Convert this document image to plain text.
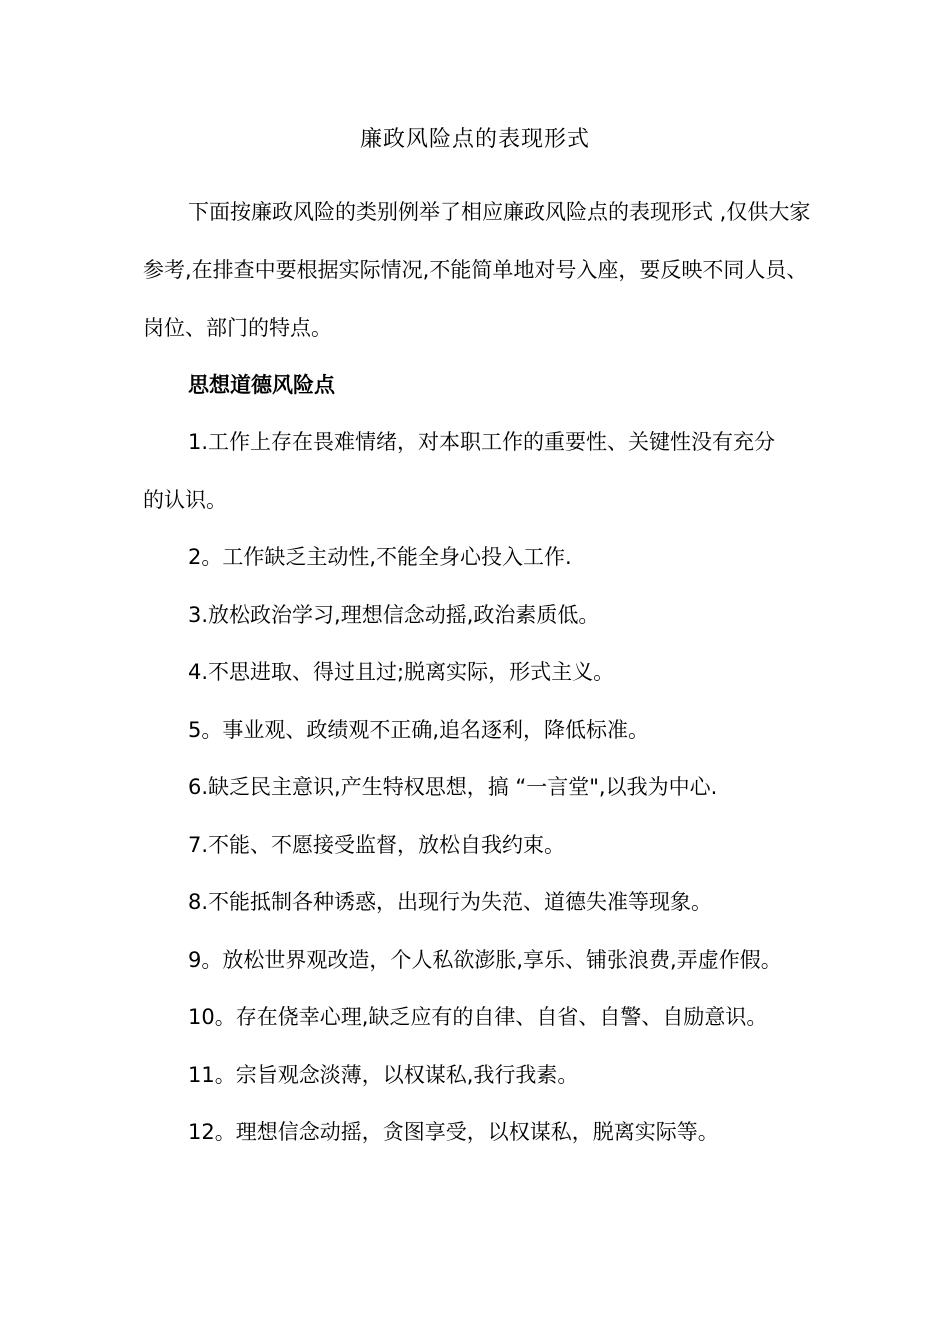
廉政风险点的表现形式
下面按廉政风险的类别例举了相应廉政风险点的表现形式 ,仅供大家参考,在排查中要根据实际情况,不能简单地对号入座，要反映不同人员、岗位、部门的特点。
思想道德风险点
1.工作上存在畏难情绪，对本职工作的重要性、关键性没有充分
的认识。
2。工作缺乏主动性,不能全身心投入工作.
3.放松政治学习,理想信念动摇,政治素质低。
4.不思进取、得过且过;脱离实际，形式主义。
5。事业观、政绩观不正确,追名逐利，降低标准。
6.缺乏民主意识,产生特权思想，搞 “一言堂",以我为中心.
7.不能、不愿接受监督，放松自我约束。
8.不能抵制各种诱惑，出现行为失范、道德失准等现象。
9。放松世界观改造，个人私欲澎胀,享乐、铺张浪费,弄虚作假。
10。存在侥幸心理,缺乏应有的自律、自省、自警、自励意识。
11。宗旨观念淡薄，以权谋私,我行我素。
12。理想信念动摇，贪图享受，以权谋私，脱离实际等。
